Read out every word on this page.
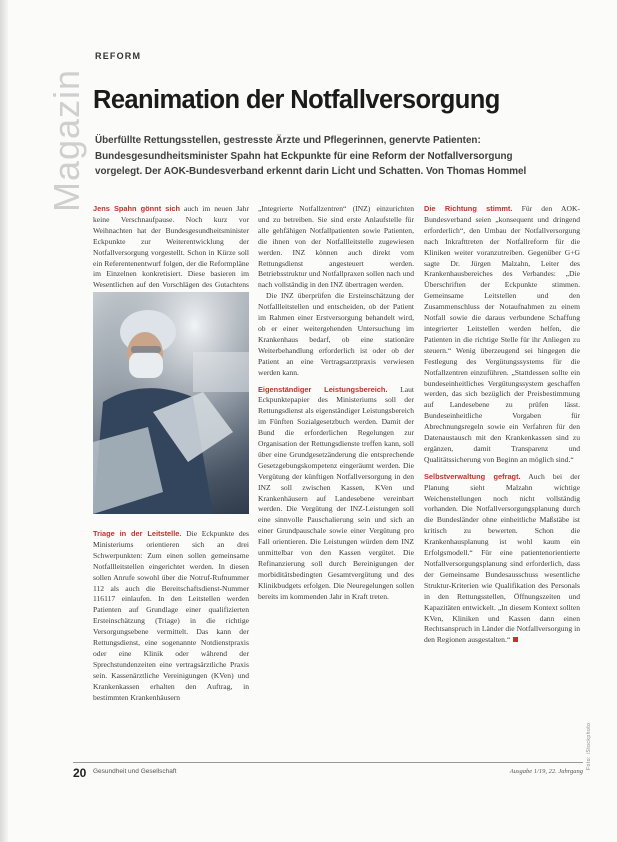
Magazin
REFORM
Reanimation der Notfallversorgung
Überfüllte Rettungsstellen, gestresste Ärzte und Pflegerinnen, genervte Patienten: Bundesgesundheitsminister Spahn hat Eckpunkte für eine Reform der Notfallversorgung vorgelegt. Der AOK-Bundesverband erkennt darin Licht und Schatten. Von Thomas Hommel

Jens Spahn gönnt sich auch im neuen Jahr keine Verschnaufpause. Noch kurz vor Weihnachten hat der Bundesgesundheitsminister Eckpunkte zur Weiterentwicklung der Notfallversorgung vorgestellt. Schon in Kürze soll ein Referentenentwurf folgen, der die Reformpläne im Einzelnen konkretisiert. Diese basieren im Wesentlichen auf den Vorschlägen des Gutachtens

Triage in der Leitstelle. Die Eckpunkte des Ministeriums orientieren sich an drei Schwerpunkten: Zum einen sollen gemeinsame Notfallleitstellen eingerichtet werden. In diesen sollen Anrufe sowohl über die Notruf-Rufnummer 112 als auch die Bereitschaftsdienst-Nummer 116117 einlaufen. In den Leitstellen werden Patienten auf Grundlage einer qualifizierten Ersteinschätzung (Triage) in die richtige Versorgungsebene vermittelt. Das kann der Rettungsdienst, eine sogenannte Notdienstpraxis oder eine Klinik oder während der Sprechstundenzeiten eine vertragsärztliche Praxis sein. Kassenärztliche Vereinigungen (KVen) und Krankenkassen erhalten den Auftrag, in bestimmten Krankenhäusern

„Integrierte Notfallzentren“ (INZ) einzurichten und zu betreiben. Sie sind erste Anlaufstelle für alle gehfähigen Notfallpatienten sowie Patienten, die ihnen von der Notfallleitstelle zugewiesen werden. INZ können auch direkt vom Rettungsdienst angesteuert werden. Betriebsstruktur und Notfallpraxen sollen nach und nach vollständig in den INZ übertragen werden.

Die INZ überprüfen die Ersteinschätzung der Notfallleitstellen und entscheiden, ob der Patient im Rahmen einer Erstversorgung behandelt wird, ob er einer weitergehenden Untersuchung im Krankenhaus bedarf, ob eine stationäre Weiterbehandlung erforderlich ist oder ob der Patient an eine Vertragsarztpraxis verwiesen werden kann.

Eigenständiger Leistungsbereich. Laut Eckpunktepapier des Ministeriums soll der Rettungsdienst als eigenständiger Leistungsbereich im Fünften Sozialgesetzbuch werden. Damit der Bund die erforderlichen Regelungen zur Organisation der Rettungsdienste treffen kann, soll über eine Grundgesetzänderung die entsprechende Gesetzgebungskompetenz eingeräumt werden. Die Vergütung der künftigen Notfallversorgung in den INZ soll zwischen Kassen, KVen und Krankenhäusern auf Landesebene vereinbart werden. Die Vergütung der INZ-Leistungen soll eine sinnvolle Pauschalierung sein und sich an einer Grundpauschale sowie einer Vergütung pro Fall orientieren. Die Leistungen würden dem INZ unmittelbar von den Kassen vergütet. Die Refinanzierung soll durch Bereinigungen der morbiditätsbedingten Gesamtvergütung und des Klinikbudgets erfolgen. Die Neuregelungen sollen bereits im kommenden Jahr in Kraft treten.

Die Richtung stimmt. Für den AOK-Bundesverband seien „konsequent und dringend erforderlich“, den Umbau der Notfallversorgung nach Inkrafttreten der Notfallreform für die Kliniken weiter voranzutreiben. Gegenüber G+G sagte Dr. Jürgen Malzahn, Leiter des Krankenhausbereiches des Verbandes: „Die Überschriften der Eckpunkte stimmen. Gemeinsame Leitstellen und den Zusammenschluss der Notaufnahmen zu einem Notfall sowie die daraus verbundene Schaffung integrierter Leitstellen werden helfen, die Patienten in die richtige Stelle für ihr Anliegen zu steuern.“ Wenig überzeugend sei hingegen die Festlegung des Vergütungssystems für die Notfallzentren einzuführen. „Stattdessen sollte ein bundeseinheitliches Vergütungssystem geschaffen werden, das sich bezüglich der Preisbestimmung auf Landesebene zu prüfen lässt. Bundeseinheitliche Vorgaben für Abrechnungsregeln sowie ein Verfahren für den Datenaustausch mit den Krankenkassen sind zu ergänzen, damit Transparenz und Qualitätssicherung von Beginn an möglich sind.“

Selbstverwaltung gefragt. Auch bei der Planung sieht Malzahn wichtige Weichenstellungen noch nicht vollständig vorhanden. Die Notfallversorgungsplanung durch die Bundesländer ohne einheitliche Maßstäbe ist kritisch zu bewerten. Schon die Krankenhausplanung ist wohl kaum ein Erfolgsmodell.“ Für eine patientenorientierte Notfallversorgungsplanung sind erforderlich, dass der Gemeinsame Bundesausschuss wesentliche Struktur-Kriterien wie Qualifikation des Personals in den Rettungsstellen, Öffnungszeiten und Kapazitäten entwickelt. „In diesem Kontext sollten KVen, Kliniken und Kassen dann einen Rechtsanspruch in Länder die Notfallversorgung in den Regionen ausgestalten.“

Foto: iStockphoto
20 Gesundheit und Gesellschaft	Ausgabe 1/19, 22. Jahrgang
